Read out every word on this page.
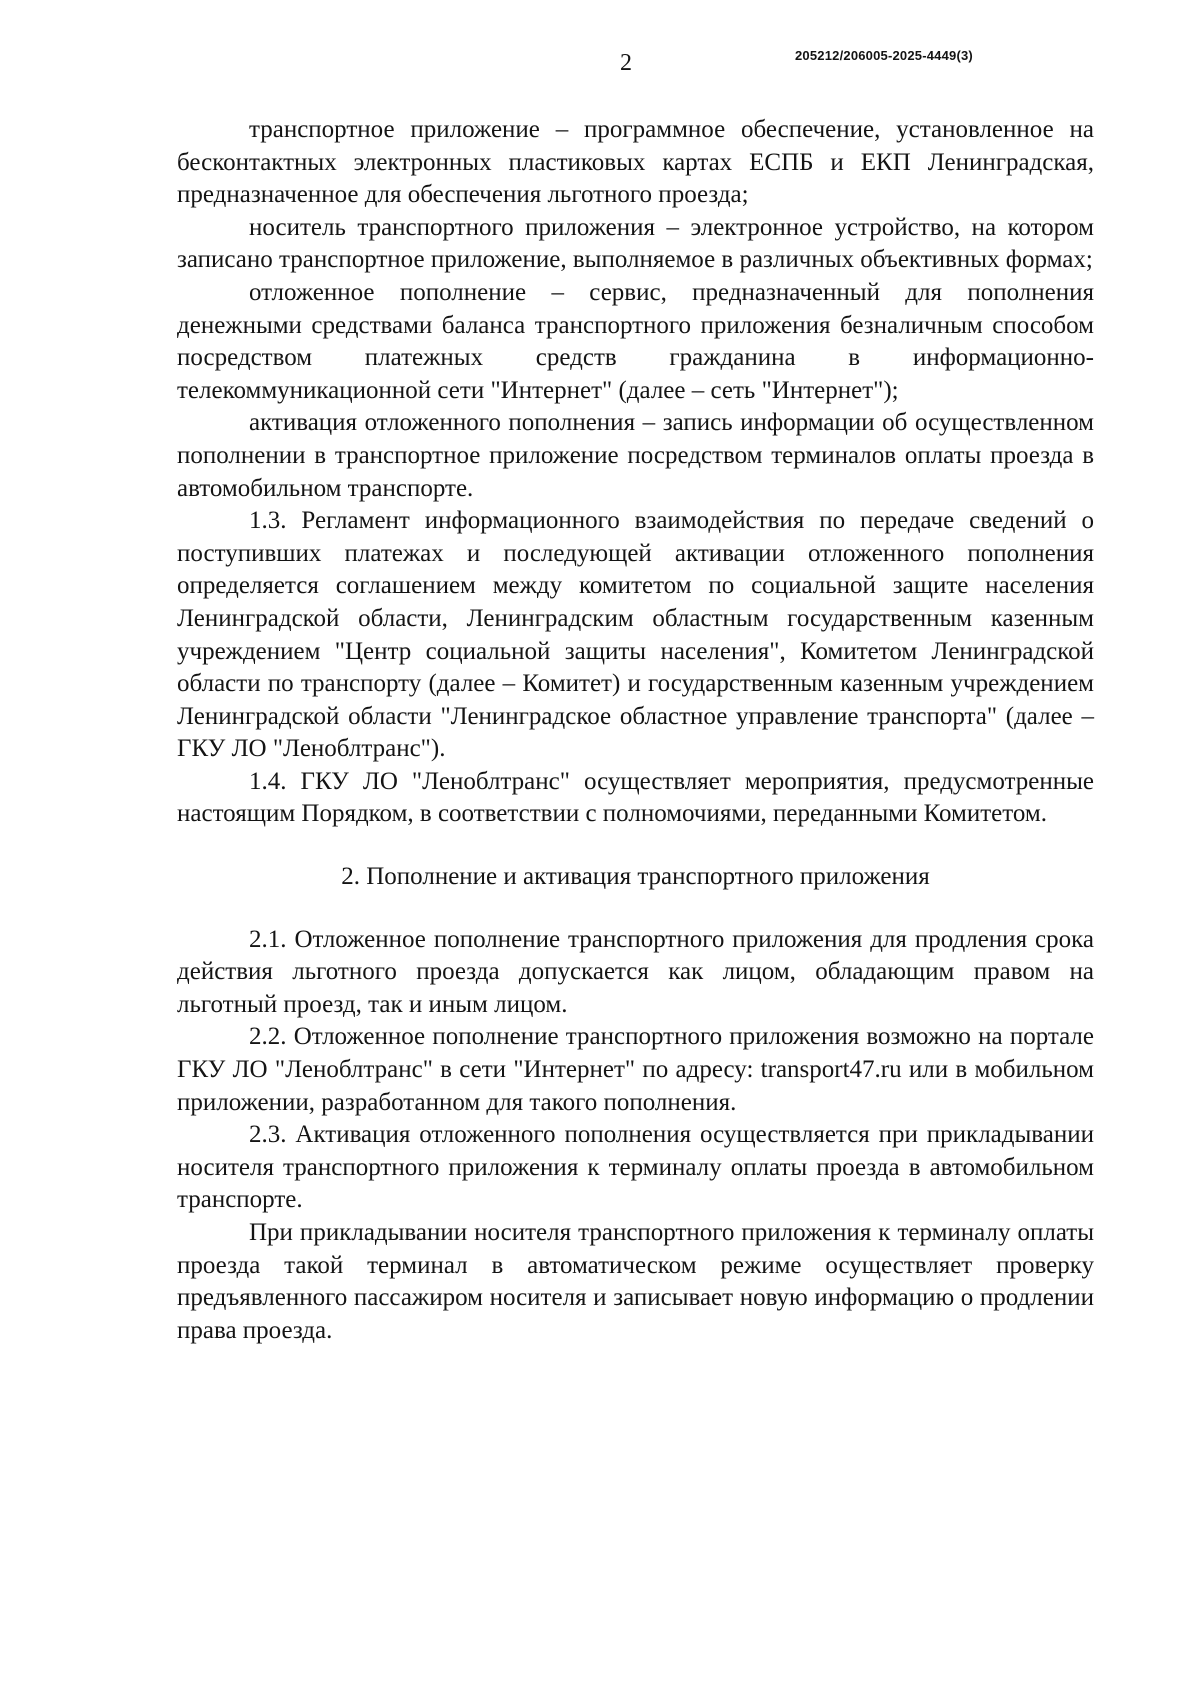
2	205212/206005-2025-4449(3)

транспортное приложение – программное обеспечение, установленное на бесконтактных электронных пластиковых картах ЕСПБ и ЕКП Ленинградская, предназначенное для обеспечения льготного проезда;

носитель транспортного приложения – электронное устройство, на котором записано транспортное приложение, выполняемое в различных объективных формах;

отложенное пополнение – сервис, предназначенный для пополнения денежными средствами баланса транспортного приложения безналичным способом посредством платежных средств гражданина в информационно-телекоммуникационной сети "Интернет" (далее – сеть "Интернет");

активация отложенного пополнения – запись информации об осуществленном пополнении в транспортное приложение посредством терминалов оплаты проезда в автомобильном транспорте.

1.3. Регламент информационного взаимодействия по передаче сведений о поступивших платежах и последующей активации отложенного пополнения определяется соглашением между комитетом по социальной защите населения Ленинградской области, Ленинградским областным государственным казенным учреждением "Центр социальной защиты населения", Комитетом Ленинградской области по транспорту (далее – Комитет) и государственным казенным учреждением Ленинградской области "Ленинградское областное управление транспорта" (далее – ГКУ ЛО "Леноблтранс").

1.4. ГКУ ЛО "Леноблтранс" осуществляет мероприятия, предусмотренные настоящим Порядком, в соответствии с полномочиями, переданными Комитетом.

2. Пополнение и активация транспортного приложения

2.1. Отложенное пополнение транспортного приложения для продления срока действия льготного проезда допускается как лицом, обладающим правом на льготный проезд, так и иным лицом.

2.2. Отложенное пополнение транспортного приложения возможно на портале ГКУ ЛО "Леноблтранс" в сети "Интернет" по адресу: transport47.ru или в мобильном приложении, разработанном для такого пополнения.

2.3. Активация отложенного пополнения осуществляется при прикладывании носителя транспортного приложения к терминалу оплаты проезда в автомобильном транспорте.

При прикладывании носителя транспортного приложения к терминалу оплаты проезда такой терминал в автоматическом режиме осуществляет проверку предъявленного пассажиром носителя и записывает новую информацию о продлении права проезда.
